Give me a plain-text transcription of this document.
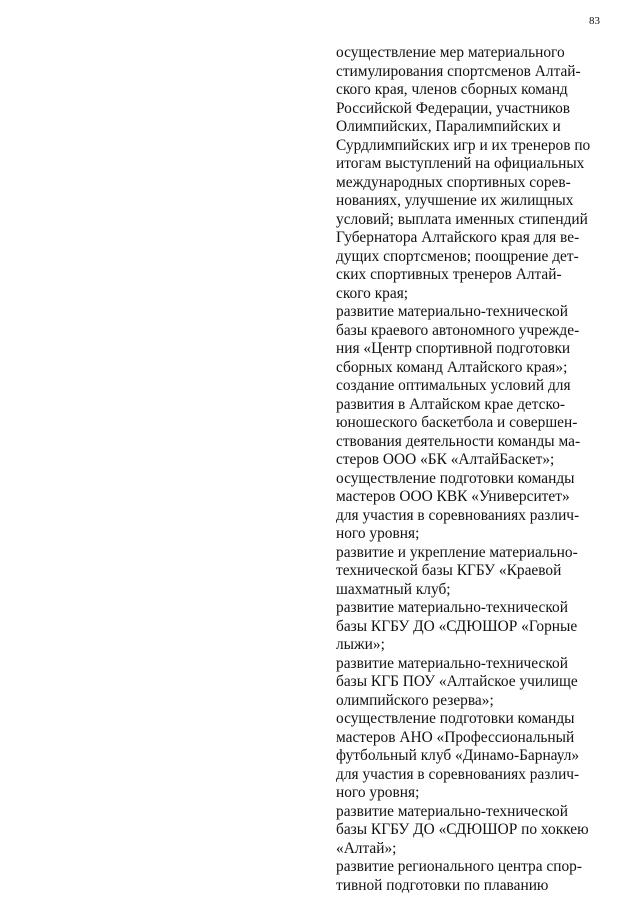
83

осуществление мер материального
стимулирования спортсменов Алтай-
ского края, членов сборных команд
Российской Федерации, участников
Олимпийских, Паралимпийских и
Сурдлимпийских игр и их тренеров по
итогам выступлений на официальных
международных спортивных сорев-
нованиях, улучшение их жилищных
условий; выплата именных стипендий
Губернатора Алтайского края для ве-
дущих спортсменов; поощрение дет-
ских спортивных тренеров Алтай-
ского края;

развитие материально-технической
базы краевого автономного учрежде-
ния «Центр спортивной подготовки
сборных команд Алтайского края»;

создание оптимальных условий для
развития в Алтайском крае детско-
юношеского баскетбола и совершен-
ствования деятельности команды ма-
стеров ООО «БК «АлтайБаскет»;

осуществление подготовки команды
мастеров ООО КВК «Университет»
для участия в соревнованиях различ-
ного уровня;

развитие и укрепление материально-
технической базы КГБУ «Краевой
шахматный клуб;

развитие материально-технической
базы КГБУ ДО «СДЮШОР «Горные
лыжи»;

развитие материально-технической
базы КГБ ПОУ «Алтайское училище
олимпийского резерва»;

осуществление подготовки команды
мастеров АНО «Профессиональный
футбольный клуб «Динамо-Барнаул»
для участия в соревнованиях различ-
ного уровня;

развитие материально-технической
базы КГБУ ДО «СДЮШОР по хоккею
«Алтай»;

развитие регионального центра спор-
тивной подготовки по плаванию
